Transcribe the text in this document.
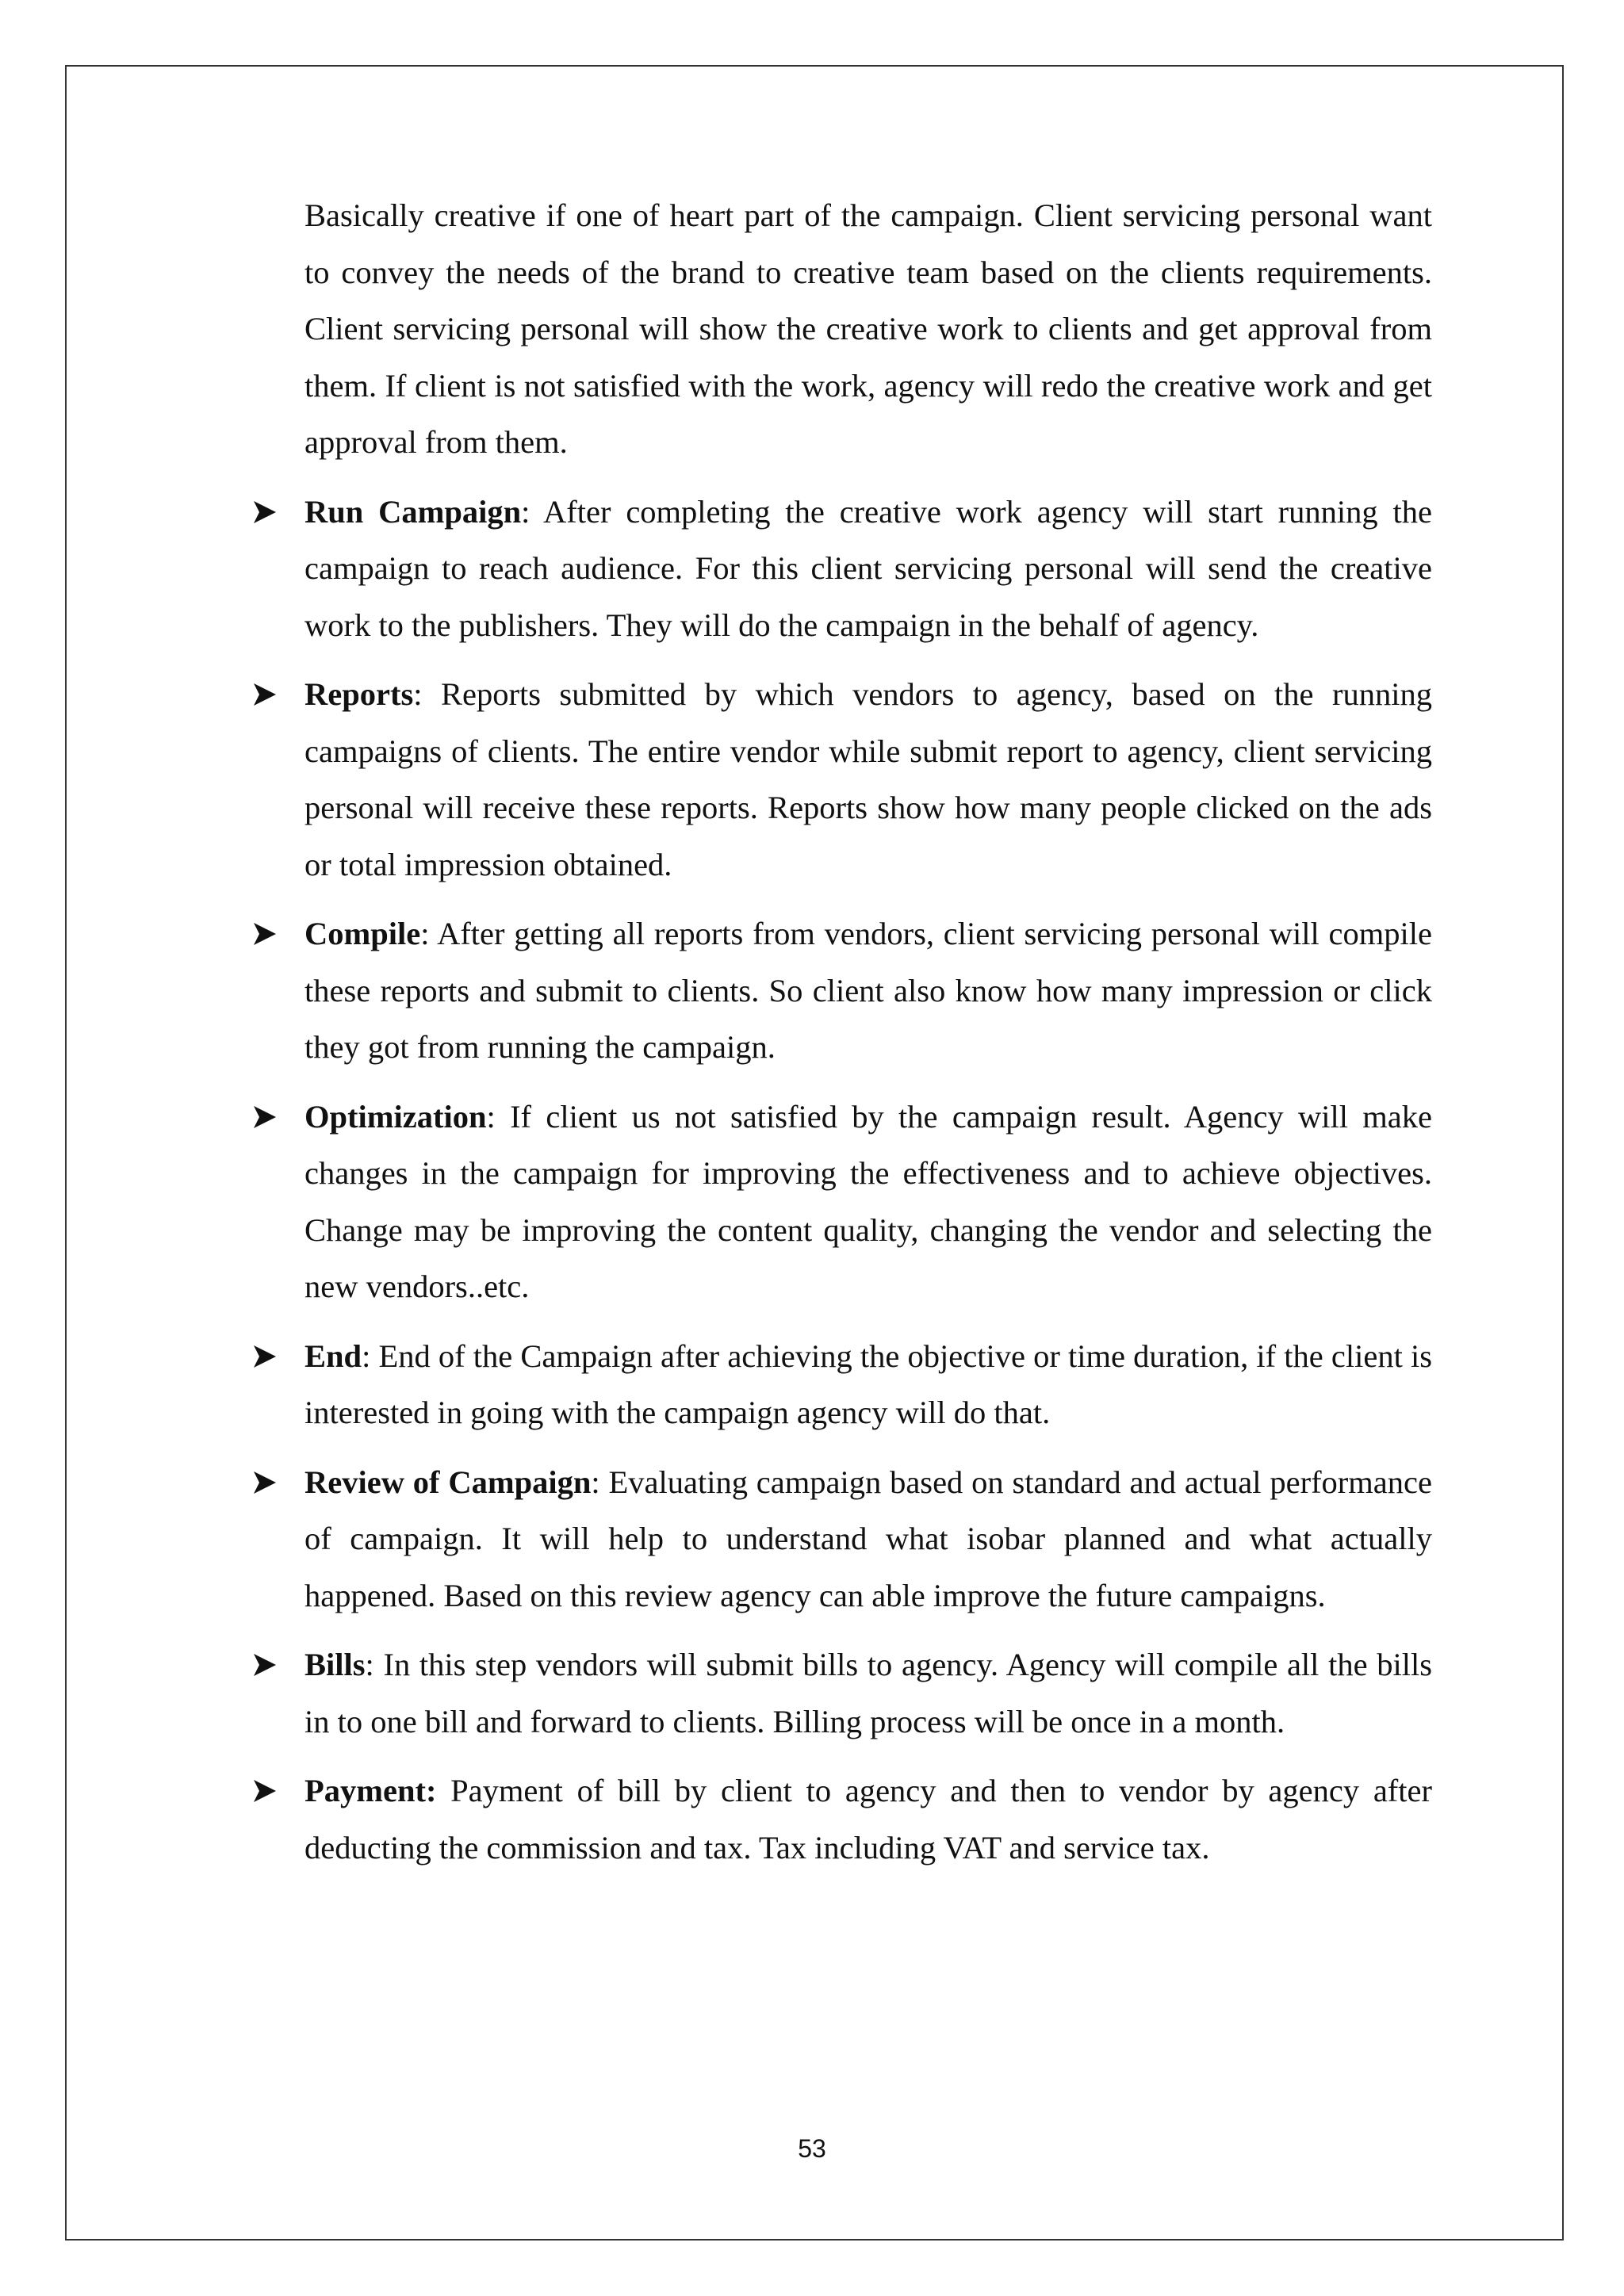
Basically creative if one of heart part of the campaign. Client servicing personal want to convey the needs of the brand to creative team based on the clients requirements. Client servicing personal will show the creative work to clients and get approval from them. If client is not satisfied with the work, agency will redo the creative work and get approval from them.

Run Campaign: After completing the creative work agency will start running the campaign to reach audience. For this client servicing personal will send the creative work to the publishers. They will do the campaign in the behalf of agency.
Reports: Reports submitted by which vendors to agency, based on the running campaigns of clients. The entire vendor while submit report to agency, client servicing personal will receive these reports. Reports show how many people clicked on the ads or total impression obtained.
Compile: After getting all reports from vendors, client servicing personal will compile these reports and submit to clients. So client also know how many impression or click they got from running the campaign.
Optimization: If client us not satisfied by the campaign result. Agency will make changes in the campaign for improving the effectiveness and to achieve objectives. Change may be improving the content quality, changing the vendor and selecting the new vendors..etc.
End: End of the Campaign after achieving the objective or time duration, if the client is interested in going with the campaign agency will do that.
Review of Campaign: Evaluating campaign based on standard and actual performance of campaign. It will help to understand what isobar planned and what actually happened. Based on this review agency can able improve the future campaigns.
Bills: In this step vendors will submit bills to agency. Agency will compile all the bills in to one bill and forward to clients. Billing process will be once in a month.
Payment: Payment of bill by client to agency and then to vendor by agency after deducting the commission and tax. Tax including VAT and service tax.
53
